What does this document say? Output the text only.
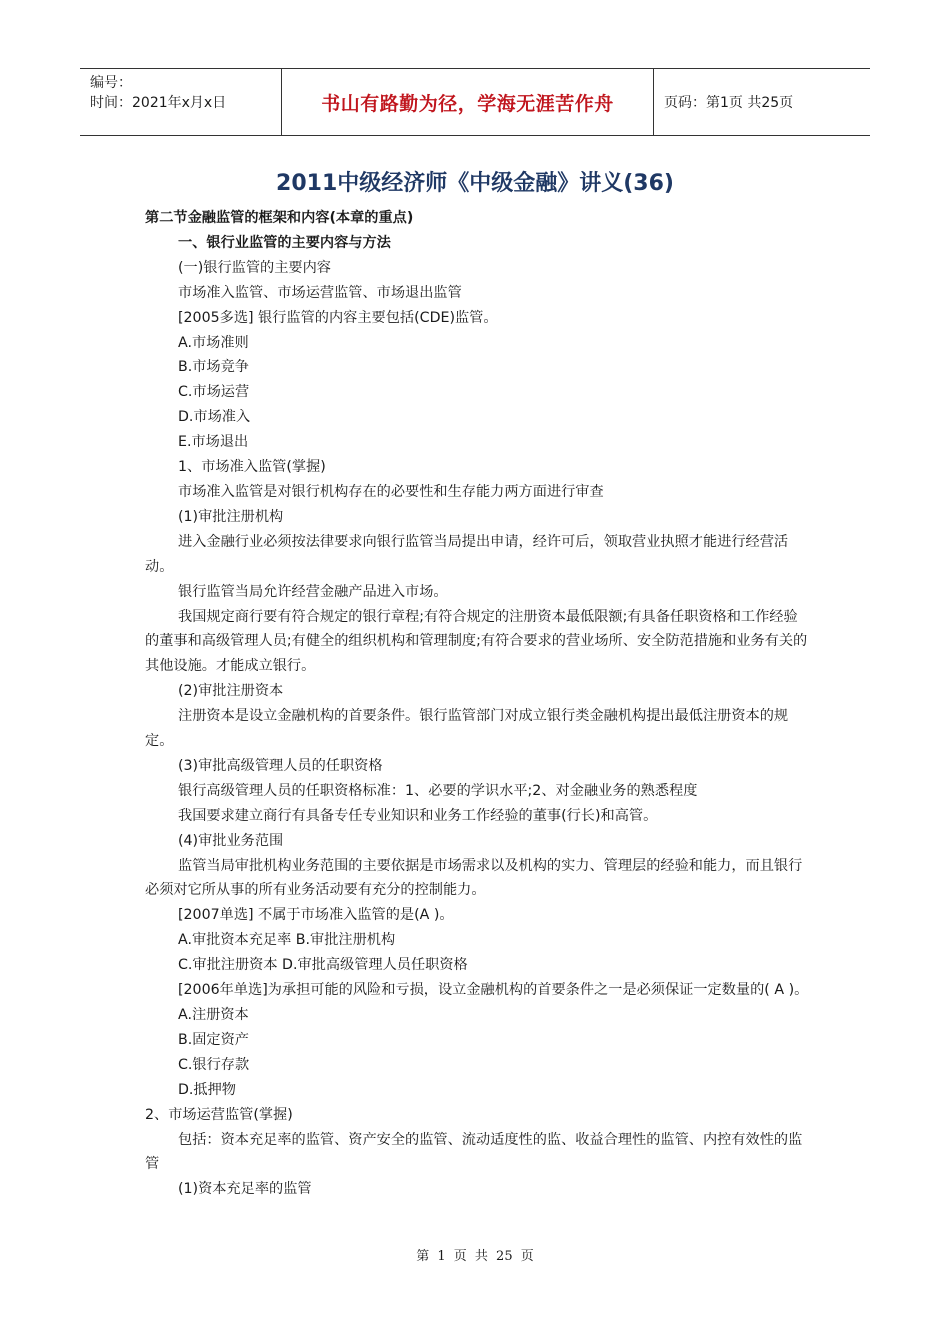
编号：
时间：2021年x月x日	书山有路勤为径，学海无涯苦作舟	页码：第1页 共25页
2011中级经济师《中级金融》讲义(36)

第二节金融监管的框架和内容(本章的重点)

一、银行业监管的主要内容与方法

(一)银行监管的主要内容

市场准入监管、市场运营监管、市场退出监管

[2005多选] 银行监管的内容主要包括(CDE)监管。

A.市场准则

B.市场竞争

C.市场运营

D.市场准入

E.市场退出

1、市场准入监管(掌握)

市场准入监管是对银行机构存在的必要性和生存能力两方面进行审查

(1)审批注册机构

进入金融行业必须按法律要求向银行监管当局提出申请，经许可后，领取营业执照才能进行经营活动。

银行监管当局允许经营金融产品进入市场。

我国规定商行要有符合规定的银行章程;有符合规定的注册资本最低限额;有具备任职资格和工作经验的董事和高级管理人员;有健全的组织机构和管理制度;有符合要求的营业场所、安全防范措施和业务有关的其他设施。才能成立银行。

(2)审批注册资本

注册资本是设立金融机构的首要条件。银行监管部门对成立银行类金融机构提出最低注册资本的规定。

(3)审批高级管理人员的任职资格

银行高级管理人员的任职资格标准：1、必要的学识水平;2、对金融业务的熟悉程度

我国要求建立商行有具备专任专业知识和业务工作经验的董事(行长)和高管。

(4)审批业务范围

监管当局审批机构业务范围的主要依据是市场需求以及机构的实力、管理层的经验和能力，而且银行必须对它所从事的所有业务活动要有充分的控制能力。

[2007单选] 不属于市场准入监管的是(A )。

A.审批资本充足率 B.审批注册机构

C.审批注册资本 D.审批高级管理人员任职资格

[2006年单选]为承担可能的风险和亏损，设立金融机构的首要条件之一是必须保证一定数量的( A )。

A.注册资本

B.固定资产

C.银行存款

D.抵押物

2、市场运营监管(掌握)

包括：资本充足率的监管、资产安全的监管、流动适度性的监、收益合理性的监管、内控有效性的监管

(1)资本充足率的监管

第 1 页 共 25 页
